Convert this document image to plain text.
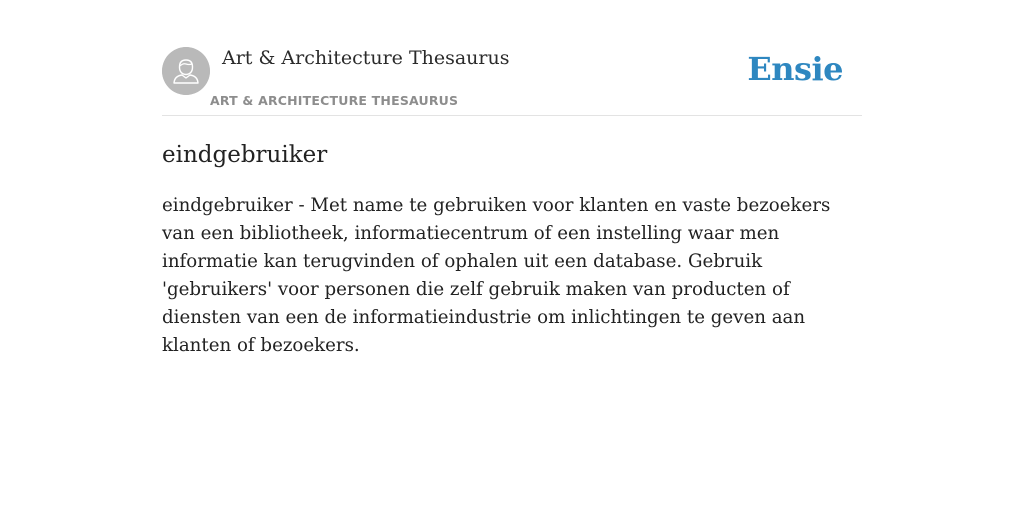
Art & Architecture Thesaurus
ART & ARCHITECTURE THESAURUS
Ensie
eindgebruiker

eindgebruiker - Met name te gebruiken voor klanten en vaste bezoekers van een bibliotheek, informatiecentrum of een instelling waar men informatie kan terugvinden of ophalen uit een database. Gebruik 'gebruikers' voor personen die zelf gebruik maken van producten of diensten van een de informatieindustrie om inlichtingen te geven aan klanten of bezoekers.
